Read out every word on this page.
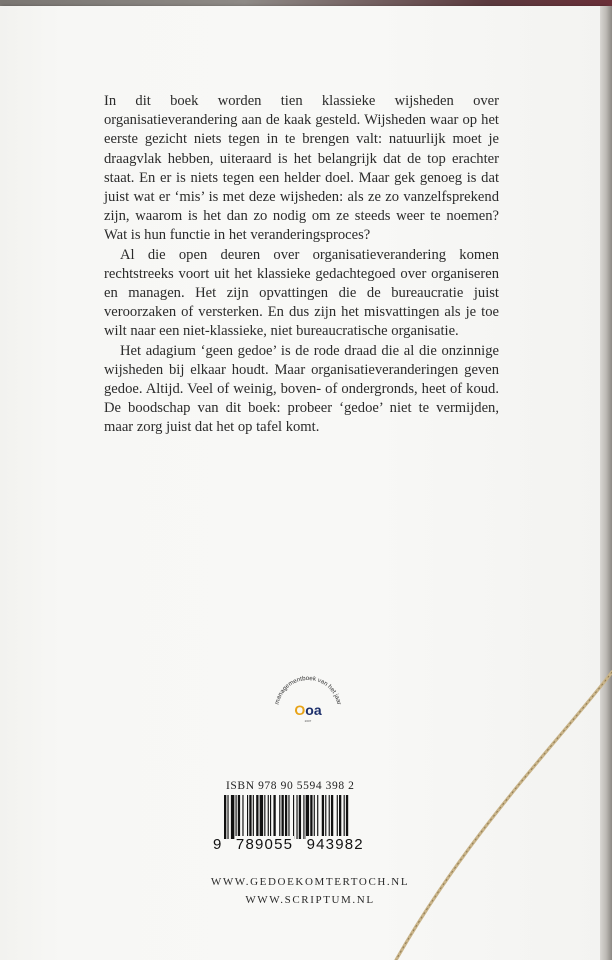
In dit boek worden tien klassieke wijsheden over organisatieverandering aan de kaak gesteld. Wijsheden waar op het eerste gezicht niets tegen in te brengen valt: natuurlijk moet je draagvlak hebben, uiteraard is het belangrijk dat de top erachter staat. En er is niets tegen een helder doel. Maar gek genoeg is dat juist wat er ‘mis’ is met deze wijsheden: als ze zo vanzelfsprekend zijn, waarom is het dan zo nodig om ze steeds weer te noemen? Wat is hun functie in het veranderingsproces?

Al die open deuren over organisatieverandering komen rechtstreeks voort uit het klassieke gedachtegoed over organiseren en managen. Het zijn opvattingen die de bureaucratie juist veroorzaken of versterken. En dus zijn het misvattingen als je toe wilt naar een niet-klassieke, niet bureaucratische organisatie.

Het adagium ‘geen gedoe’ is de rode draad die al die onzinnige wijsheden bij elkaar houdt. Maar organisatieveranderingen geven gedoe. Altijd. Veel of weinig, boven- of ondergronds, heet of koud. De boodschap van dit boek: probeer ‘gedoe’ niet te vermijden, maar zorg juist dat het op tafel komt.

managementboek van het jaar
Ooa
2007
ISBN 978 90 5594 398 2
9 789055 943982
WWW.GEDOEKOMTERTOCH.NL
WWW.SCRIPTUM.NL
